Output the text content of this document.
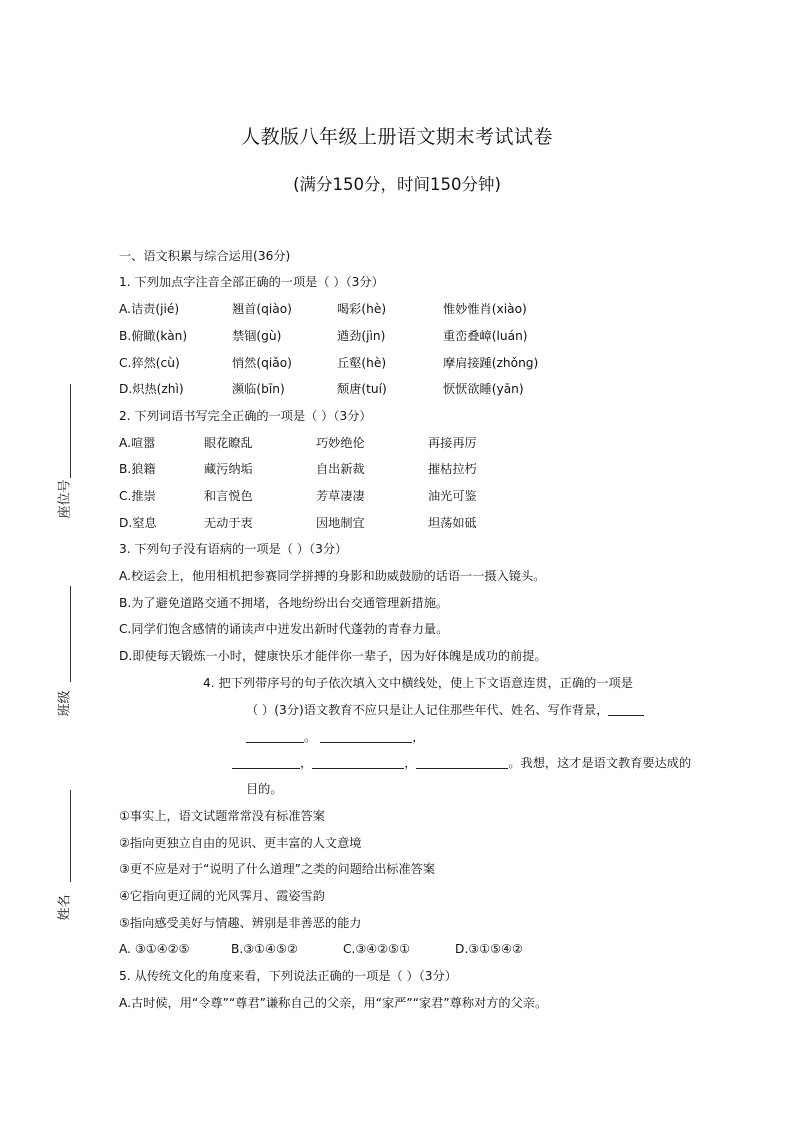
人教版八年级上册语文期末考试试卷
(满分150分，时间150分钟)
座位号
班级
姓名
一、语文积累与综合运用(36分)
1. 下列加点字注音全部正确的一项是（ ）（3分）
A.诘责(jié)	翘首(qiào)	喝彩(hè)	惟妙惟肖(xiào)
B.俯瞰(kàn)	禁锢(gù)	遒劲(jìn)	重峦叠嶂(luán)
C.猝然(cù)	悄然(qiǎo)	丘壑(hè)	摩肩接踵(zhǒng)
D.炽热(zhì)	濒临(bīn)	颓唐(tuí)	恹恹欲睡(yān)
2. 下列词语书写完全正确的一项是（ ）（3分）
A.喧嚣	眼花瞭乱	巧妙绝伦	再接再厉
B.狼籍	藏污纳垢	自出新裁	摧枯拉朽
C.推崇	和言悦色	芳草凄凄	油光可鉴
D.窒息	无动于衷	因地制宜	坦荡如砥
3. 下列句子没有语病的一项是（ ）（3分）
A.校运会上，他用相机把参赛同学拼搏的身影和助威鼓励的话语一一摄入镜头。
B.为了避免道路交通不拥堵，各地纷纷出台交通管理新措施。
C.同学们饱含感情的诵读声中迸发出新时代蓬勃的青春力量。
D.即使每天锻炼一小时，健康快乐才能伴你一辈子，因为好体魄是成功的前提。
4. 把下列带序号的句子依次填入文中横线处，使上下文语意连贯，正确的一项是
（ ）(3分)语文教育不应只是让人记住那些年代、姓名、写作背景，
。	，
，	，	。我想，这才是语文教育要达成的
目的。
①事实上，语文试题常常没有标准答案
②指向更独立自由的见识、更丰富的人文意境
③更不应是对于“说明了什么道理”之类的问题给出标准答案
④它指向更辽阔的光风霁月、霞姿雪韵
⑤指向感受美好与情趣、辨别是非善恶的能力
A. ③①④②⑤	B.③①④⑤②	C.③④②⑤①	D.③①⑤④②
5. 从传统文化的角度来看，下列说法正确的一项是（ ）（3分）
A.古时候，用“令尊”“尊君”谦称自己的父亲，用“家严”“家君”尊称对方的父亲。
